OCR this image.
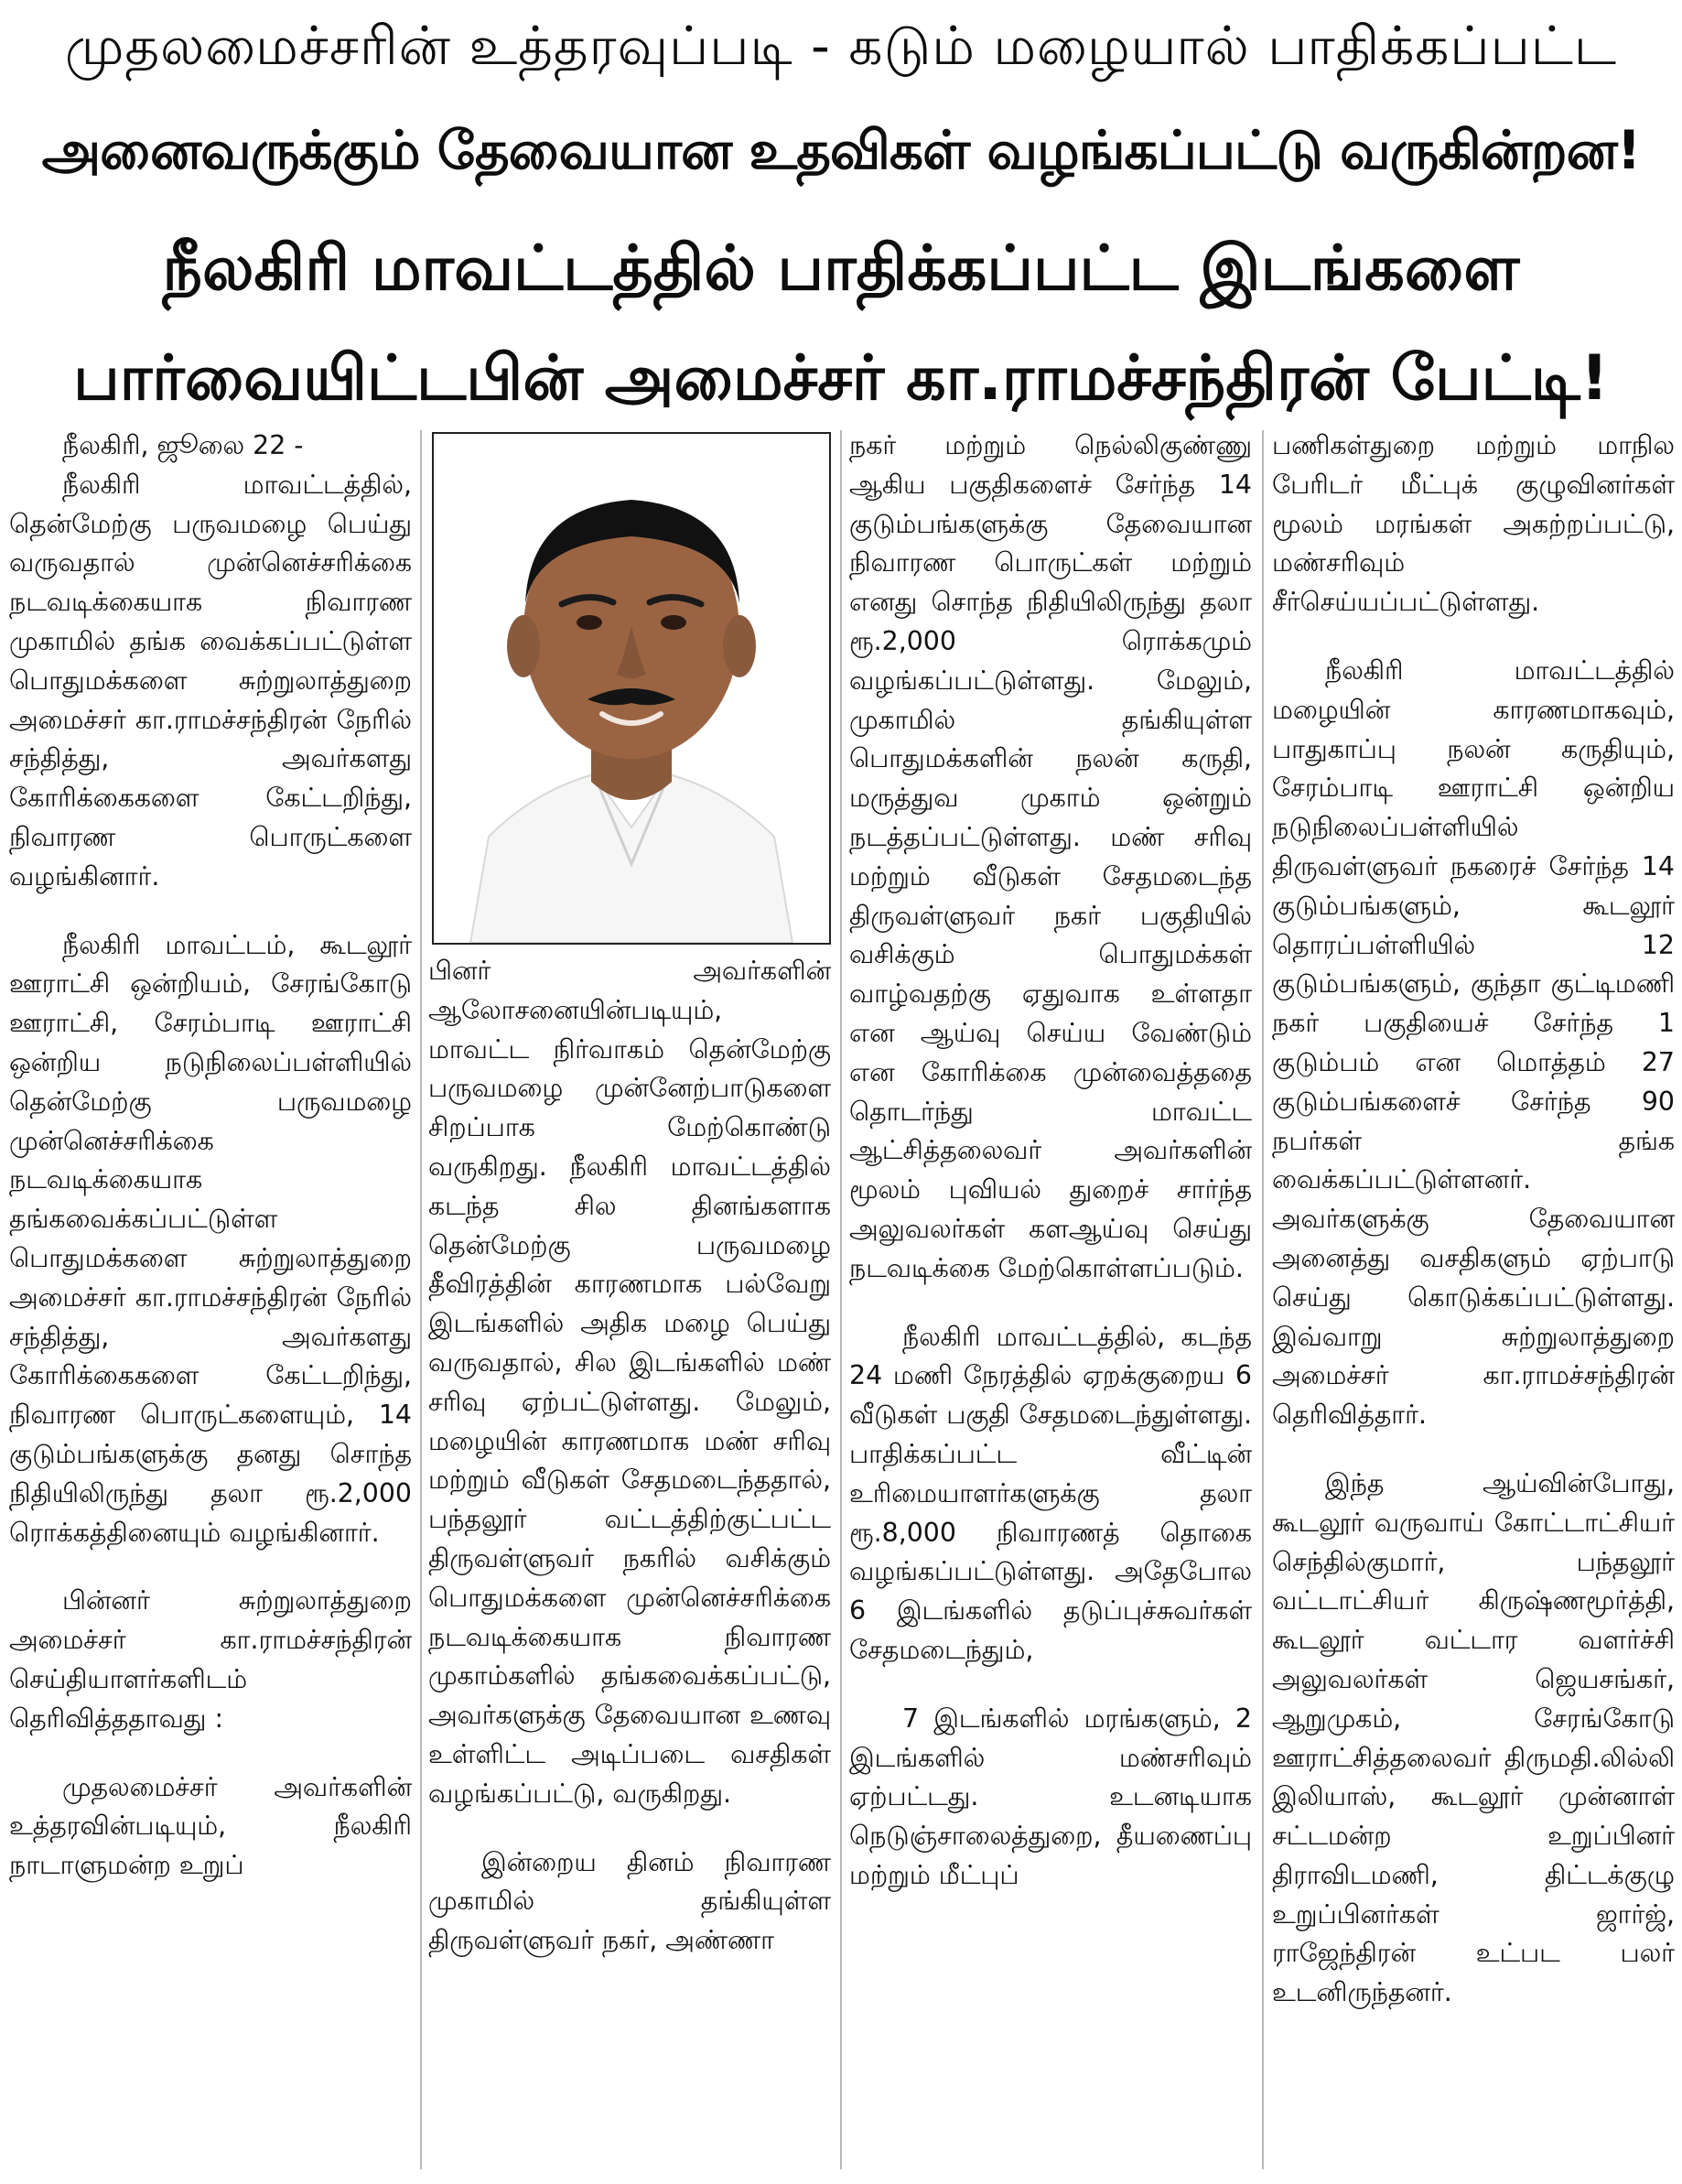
முதலமைச்சரின் உத்தரவுப்படி - கடும் மழையால் பாதிக்கப்பட்ட
அனைவருக்கும் தேவையான உதவிகள் வழங்கப்பட்டு வருகின்றன!
நீலகிரி மாவட்டத்தில் பாதிக்கப்பட்ட இடங்களை
பார்வையிட்டபின் அமைச்சர் கா.ராமச்சந்திரன் பேட்டி!

நீலகிரி, ஜூலை 22 -

நீலகிரி மாவட்டத்தில், தென்மேற்கு பருவமழை பெய்து வருவதால் முன்னெச்சரிக்கை நடவடிக்கையாக நிவாரண முகாமில் தங்க வைக்கப்பட்டுள்ள பொதுமக்களை சுற்றுலாத்துறை அமைச்சர் கா.ராமச்சந்திரன் நேரில் சந்தித்து, அவர்களது கோரிக்கைகளை கேட்டறிந்து, நிவாரண பொருட்களை வழங்கினார்.

நீலகிரி மாவட்டம், கூடலூர் ஊராட்சி ஒன்றியம், சேரங்கோடு ஊராட்சி, சேரம்பாடி ஊராட்சி ஒன்றிய நடுநிலைப்பள்ளியில் தென்மேற்கு பருவமழை முன்னெச்சரிக்கை நடவடிக்கையாக தங்கவைக்கப்பட்டுள்ள பொதுமக்களை சுற்றுலாத்துறை அமைச்சர் கா.ராமச்சந்திரன் நேரில் சந்தித்து, அவர்களது கோரிக்கைகளை கேட்டறிந்து, நிவாரண பொருட்களையும், 14 குடும்பங்களுக்கு தனது சொந்த நிதியிலிருந்து தலா ரூ.2,000 ரொக்கத்தினையும் வழங்கினார்.

பின்னர் சுற்றுலாத்துறை அமைச்சர் கா.ராமச்சந்திரன் செய்தியாளர்களிடம் தெரிவித்ததாவது :

முதலமைச்சர் அவர்களின் உத்தரவின்படியும், நீலகிரி நாடாளுமன்ற உறுப்

பினர் அவர்களின் ஆலோசனையின்படியும், மாவட்ட நிர்வாகம் தென்மேற்கு பருவமழை முன்னேற்பாடுகளை சிறப்பாக மேற்கொண்டு வருகிறது. நீலகிரி மாவட்டத்தில் கடந்த சில தினங்களாக தென்மேற்கு பருவமழை தீவிரத்தின் காரணமாக பல்வேறு இடங்களில் அதிக மழை பெய்து வருவதால், சில இடங்களில் மண் சரிவு ஏற்பட்டுள்ளது. மேலும், மழையின் காரணமாக மண் சரிவு மற்றும் வீடுகள் சேதமடைந்ததால், பந்தலூர் வட்டத்திற்குட்பட்ட திருவள்ளுவர் நகரில் வசிக்கும் பொதுமக்களை முன்னெச்சரிக்கை நடவடிக்கையாக நிவாரண முகாம்களில் தங்கவைக்கப்பட்டு, அவர்களுக்கு தேவையான உணவு உள்ளிட்ட அடிப்படை வசதிகள் வழங்கப்பட்டு, வருகிறது.

இன்றைய தினம் நிவாரண முகாமில் தங்கியுள்ள திருவள்ளுவர் நகர், அண்ணா

நகர் மற்றும் நெல்லிகுண்ணு ஆகிய பகுதிகளைச் சேர்ந்த 14 குடும்பங்களுக்கு தேவையான நிவாரண பொருட்கள் மற்றும் எனது சொந்த நிதியிலிருந்து தலா ரூ.2,000 ரொக்கமும் வழங்கப்பட்டுள்ளது. மேலும், முகாமில் தங்கியுள்ள பொதுமக்களின் நலன் கருதி, மருத்துவ முகாம் ஒன்றும் நடத்தப்பட்டுள்ளது. மண் சரிவு மற்றும் வீடுகள் சேதமடைந்த திருவள்ளுவர் நகர் பகுதியில் வசிக்கும் பொதுமக்கள் வாழ்வதற்கு ஏதுவாக உள்ளதா என ஆய்வு செய்ய வேண்டும் என கோரிக்கை முன்வைத்ததை தொடர்ந்து மாவட்ட ஆட்சித்தலைவர் அவர்களின் மூலம் புவியல் துறைச் சார்ந்த அலுவலர்கள் களஆய்வு செய்து நடவடிக்கை மேற்கொள்ளப்படும்.

நீலகிரி மாவட்டத்தில், கடந்த 24 மணி நேரத்தில் ஏறக்குறைய 6 வீடுகள் பகுதி சேதமடைந்துள்ளது. பாதிக்கப்பட்ட வீட்டின் உரிமையாளர்களுக்கு தலா ரூ.8,000 நிவாரணத் தொகை வழங்கப்பட்டுள்ளது. அதேபோல 6 இடங்களில் தடுப்புச்சுவர்கள் சேதமடைந்தும்,

7 இடங்களில் மரங்களும், 2 இடங்களில் மண்சரிவும் ஏற்பட்டது. உடனடியாக நெடுஞ்சாலைத்துறை, தீயணைப்பு மற்றும் மீட்புப்

பணிகள்துறை மற்றும் மாநில பேரிடர் மீட்புக் குழுவினர்கள் மூலம் மரங்கள் அகற்றப்பட்டு, மண்சரிவும் சீர்செய்யப்பட்டுள்ளது.

நீலகிரி மாவட்டத்தில் மழையின் காரணமாகவும், பாதுகாப்பு நலன் கருதியும், சேரம்பாடி ஊராட்சி ஒன்றிய நடுநிலைப்பள்ளியில் திருவள்ளுவர் நகரைச் சேர்ந்த 14 குடும்பங்களும், கூடலூர் தொரப்பள்ளியில் 12 குடும்பங்களும், குந்தா குட்டிமணி நகர் பகுதியைச் சேர்ந்த 1 குடும்பம் என மொத்தம் 27 குடும்பங்களைச் சேர்ந்த 90 நபர்கள் தங்க வைக்கப்பட்டுள்ளனர். அவர்களுக்கு தேவையான அனைத்து வசதிகளும் ஏற்பாடு செய்து கொடுக்கப்பட்டுள்ளது. இவ்வாறு சுற்றுலாத்துறை அமைச்சர் கா.ராமச்சந்திரன் தெரிவித்தார்.

இந்த ஆய்வின்போது, கூடலூர் வருவாய் கோட்டாட்சியர் செந்தில்குமார், பந்தலூர் வட்டாட்சியர் கிருஷ்ணமூர்த்தி, கூடலூர் வட்டார வளர்ச்சி அலுவலர்கள் ஜெயசங்கர், ஆறுமுகம், சேரங்கோடு ஊராட்சித்தலைவர் திருமதி.லில்லி இலியாஸ், கூடலூர் முன்னாள் சட்டமன்ற உறுப்பினர் திராவிடமணி, திட்டக்குழு உறுப்பினர்கள் ஜார்ஜ், ராஜேந்திரன் உட்பட பலர் உடனிருந்தனர்.
